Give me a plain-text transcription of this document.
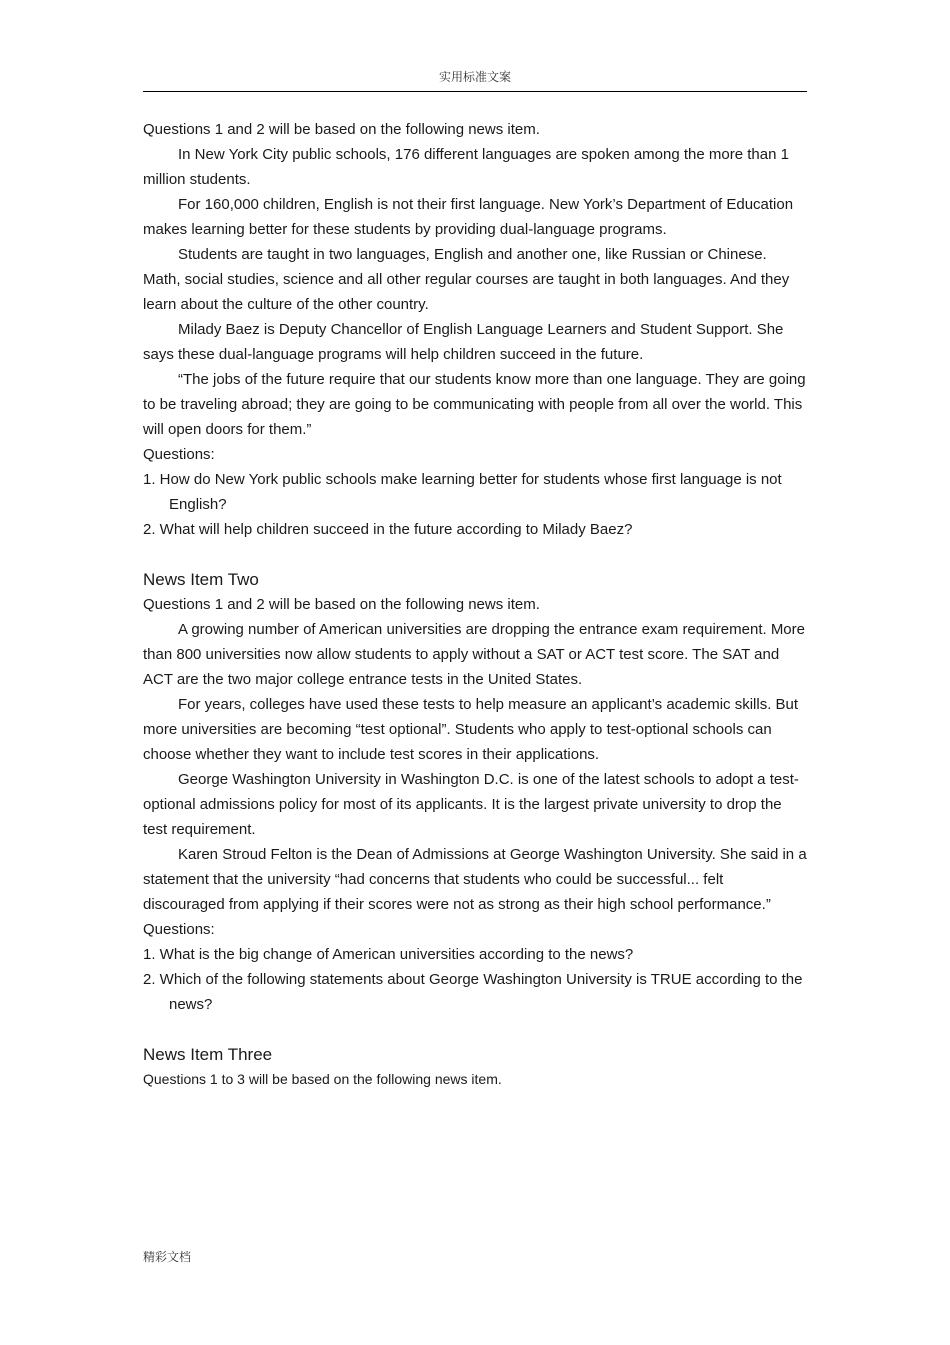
实用标准文案

Questions 1 and 2 will be based on the following news item.

In New York City public schools, 176 different languages are spoken among the more than 1 million students.

For 160,000 children, English is not their first language. New York’s Department of Education makes learning better for these students by providing dual-language programs.

Students are taught in two languages, English and another one, like Russian or Chinese. Math, social studies, science and all other regular courses are taught in both languages. And they learn about the culture of the other country.

Milady Baez is Deputy Chancellor of English Language Learners and Student Support. She says these dual-language programs will help children succeed in the future.

“The jobs of the future require that our students know more than one language. They are going to be traveling abroad; they are going to be communicating with people from all over the world. This will open doors for them.”

Questions:

1. How do New York public schools make learning better for students whose first language is not English?

2. What will help children succeed in the future according to Milady Baez?

News Item Two

Questions 1 and 2 will be based on the following news item.

A growing number of American universities are dropping the entrance exam requirement. More than 800 universities now allow students to apply without a SAT or ACT test score. The SAT and ACT are the two major college entrance tests in the United States.

For years, colleges have used these tests to help measure an applicant’s academic skills. But more universities are becoming “test optional”. Students who apply to test-optional schools can choose whether they want to include test scores in their applications.

George Washington University in Washington D.C. is one of the latest schools to adopt a test-optional admissions policy for most of its applicants. It is the largest private university to drop the test requirement.

Karen Stroud Felton is the Dean of Admissions at George Washington University. She said in a statement that the university “had concerns that students who could be successful... felt discouraged from applying if their scores were not as strong as their high school performance.”

Questions:

1. What is the big change of American universities according to the news?

2. Which of the following statements about George Washington University is TRUE according to the news?

News Item Three

Questions 1 to 3 will be based on the following news item.

精彩文档
